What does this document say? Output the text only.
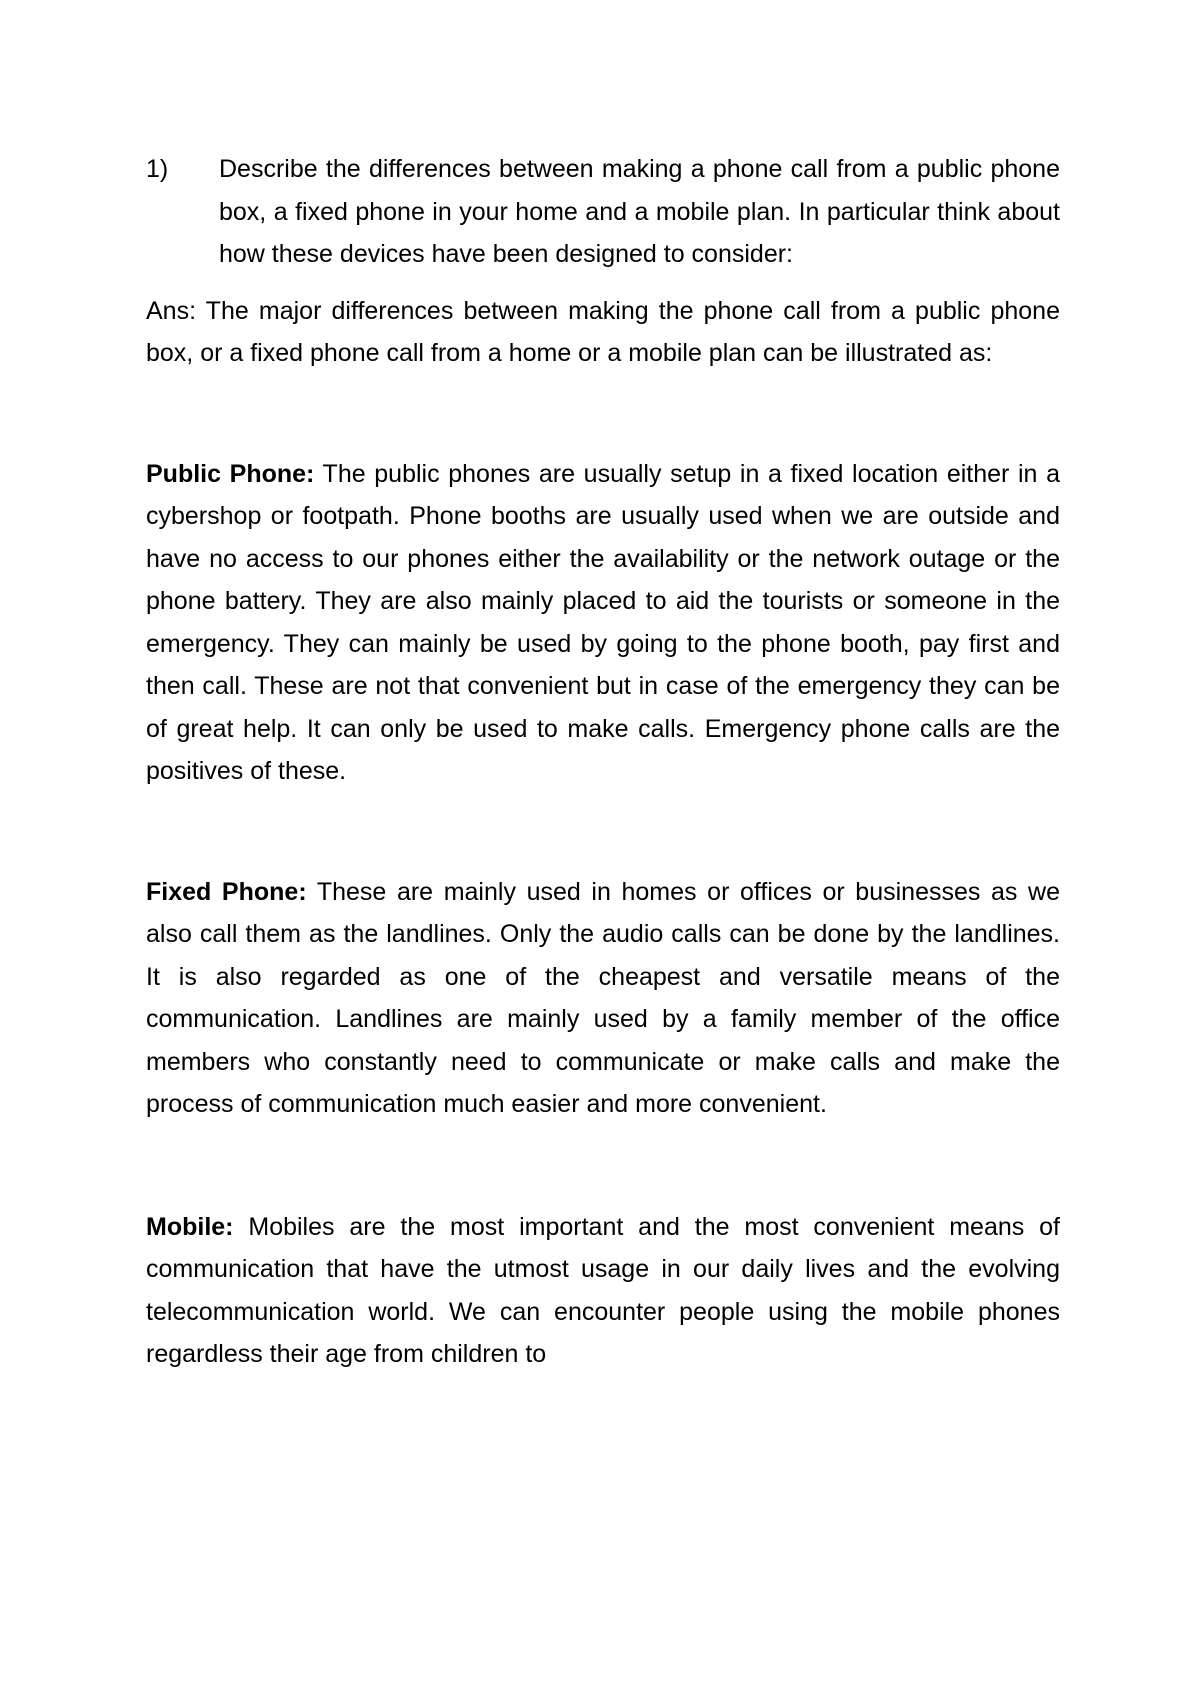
1)	Describe the differences between making a phone call from a public phone box, a fixed phone in your home and a mobile plan. In particular think about how these devices have been designed to consider:

Ans: The major differences between making the phone call from a public phone box, or a fixed phone call from a home or a mobile plan can be illustrated as:

Public Phone: The public phones are usually setup in a fixed location either in a cybershop or footpath. Phone booths are usually used when we are outside and have no access to our phones either the availability or the network outage or the phone battery. They are also mainly placed to aid the tourists or someone in the emergency. They can mainly be used by going to the phone booth, pay first and then call. These are not that convenient but in case of the emergency they can be of great help. It can only be used to make calls. Emergency phone calls are the positives of these.

Fixed Phone: These are mainly used in homes or offices or businesses as we also call them as the landlines. Only the audio calls can be done by the landlines. It is also regarded as one of the cheapest and versatile means of the communication. Landlines are mainly used by a family member of the office members who constantly need to communicate or make calls and make the process of communication much easier and more convenient.

Mobile: Mobiles are the most important and the most convenient means of communication that have the utmost usage in our daily lives and the evolving telecommunication world. We can encounter people using the mobile phones regardless their age from children to
